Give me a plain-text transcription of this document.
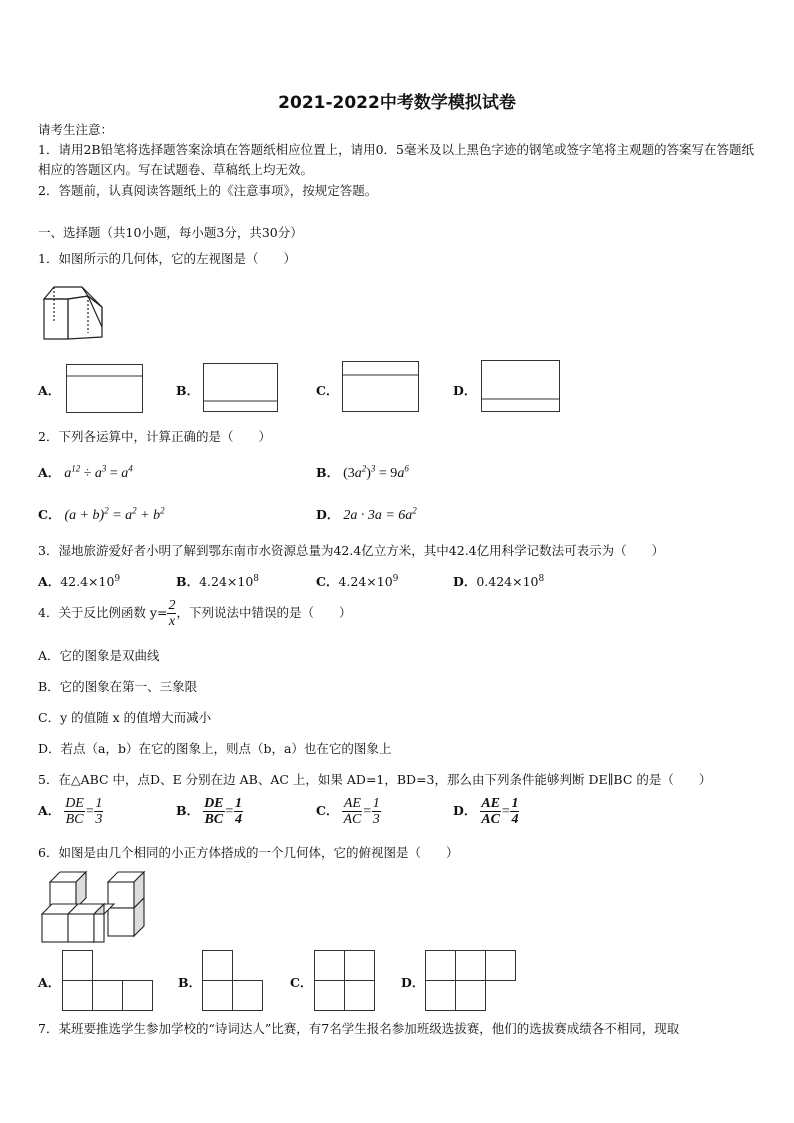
2021-2022中考数学模拟试卷
请考生注意：
1．请用2B铅笔将选择题答案涂填在答题纸相应位置上，请用0．5毫米及以上黑色字迹的钢笔或签字笔将主观题的答案写在答题纸相应的答题区内。写在试题卷、草稿纸上均无效。
2．答题前，认真阅读答题纸上的《注意事项》，按规定答题。
一、选择题（共10小题，每小题3分，共30分）
1．如图所示的几何体，它的左视图是（　　）
A．	B．	C．	D．
2．下列各运算中，计算正确的是（　　）
A． $a^{12} \div a^3 = a^4$	B． $(3a^2)^3 = 9a^6$
C． $(a + b)^2 = a^2 + b^2$	D． $2a \cdot 3a = 6a^2$
3．湿地旅游爱好者小明了解到鄂东南市水资源总量为42.4亿立方米，其中42.4亿用科学记数法可表示为（　　）
A．$42.4\times 10^9$	B．$4.24\times 10^8$	C．$4.24\times 10^9$	D．$0.424\times 10^8$
4．关于反比例函数 $y= \frac{2}{x}$ ，下列说法中错误的是（　　）
A．它的图象是双曲线
B．它的图象在第一、三象限
C．y 的值随 x 的值增大而减小
D．若点（a，b）在它的图象上，则点（b，a）也在它的图象上
5．在△ABC 中，点D、E 分别在边 AB、AC 上，如果 AD=1，BD=3，那么由下列条件能够判断 DE∥BC 的是（　　）
A． $\frac{DE}{BC} = \frac{1}{3}$	B． $\frac{DE}{BC} = \frac{1}{4}$	C． $\frac{AE}{AC} = \frac{1}{3}$	D． $\frac{AE}{AC} = \frac{1}{4}$
6．如图是由几个相同的小正方体搭成的一个几何体，它的俯视图是（　　）
A．	B．	C．	D．
7．某班要推选学生参加学校的“诗词达人”比赛，有7名学生报名参加班级选拔赛，他们的选拔赛成绩各不相同，现取
